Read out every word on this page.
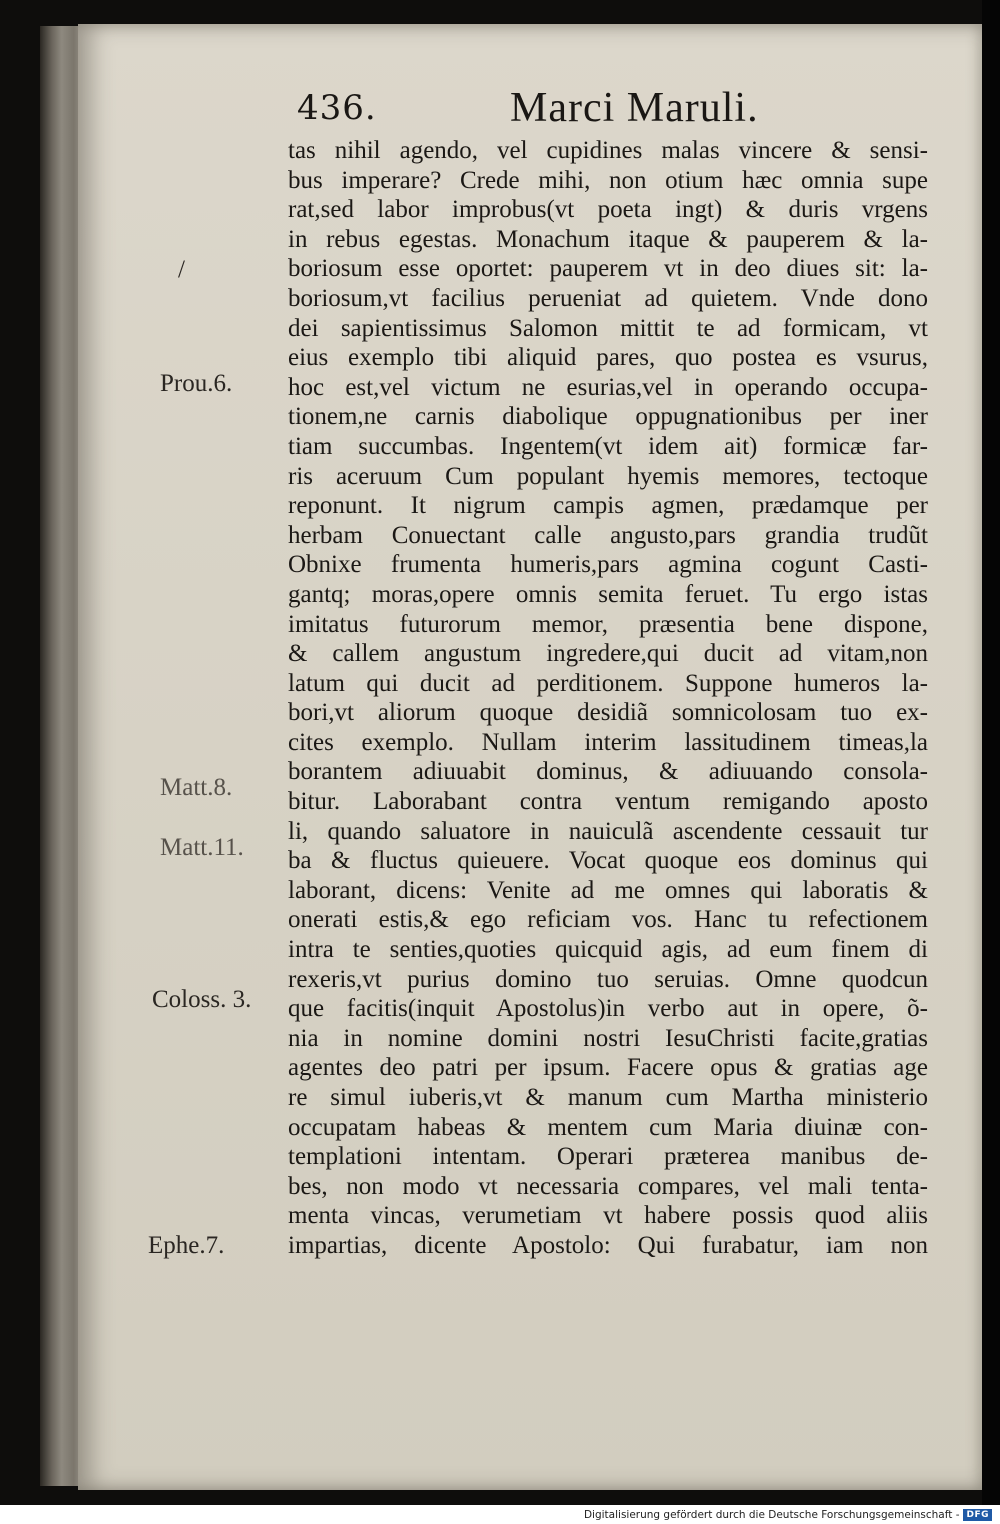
436.	Marci Maruli.
/
Prou.6.
Matt.8.
Matt.11.
Coloss. 3.
Ephe.7.
tas nihil agendo, vel cupidines malas vincere & sensi-
bus imperare? Crede mihi, non otium hæc omnia supe
rat,sed labor improbus(vt poeta ingt) & duris vrgens
in rebus egestas. Monachum itaque & pauperem & la-
boriosum esse oportet: pauperem vt in deo diues sit: la-
boriosum,vt facilius perueniat ad quietem. Vnde dono
dei sapientissimus Salomon mittit te ad formicam, vt
eius exemplo tibi aliquid pares, quo postea es vsurus,
hoc est,vel victum ne esurias,vel in operando occupa-
tionem,ne carnis diabolique oppugnationibus per iner
tiam succumbas. Ingentem(vt idem ait) formicæ far-
ris aceruum Cum populant hyemis memores, tectoque
reponunt. It nigrum campis agmen, prædamque per
herbam Conuectant calle angusto,pars grandia trudũt
Obnixe frumenta humeris,pars agmina cogunt Casti-
gantq; moras,opere omnis semita feruet. Tu ergo istas
imitatus futurorum memor, præsentia bene dispone,
& callem angustum ingredere,qui ducit ad vitam,non
latum qui ducit ad perditionem. Suppone humeros la-
bori,vt aliorum quoque desidiã somnicolosam tuo ex-
cites exemplo. Nullam interim lassitudinem timeas,la
borantem adiuuabit dominus, & adiuuando consola-
bitur. Laborabant contra ventum remigando aposto
li, quando saluatore in nauiculã ascendente cessauit tur
ba & fluctus quieuere. Vocat quoque eos dominus qui
laborant, dicens: Venite ad me omnes qui laboratis &
onerati estis,& ego reficiam vos. Hanc tu refectionem
intra te senties,quoties quicquid agis, ad eum finem di
rexeris,vt purius domino tuo seruias. Omne quodcun
que facitis(inquit Apostolus)in verbo aut in opere, õ-
nia in nomine domini nostri IesuChristi facite,gratias
agentes deo patri per ipsum. Facere opus & gratias age
re simul iuberis,vt & manum cum Martha ministerio
occupatam habeas & mentem cum Maria diuinæ con-
templationi intentam. Operari præterea manibus de-
bes, non modo vt necessaria compares, vel mali tenta-
menta vincas, verumetiam vt habere possis quod aliis
impartias, dicente Apostolo: Qui furabatur, iam non
Digitalisierung gefördert durch die Deutsche Forschungsgemeinschaft - DFG
